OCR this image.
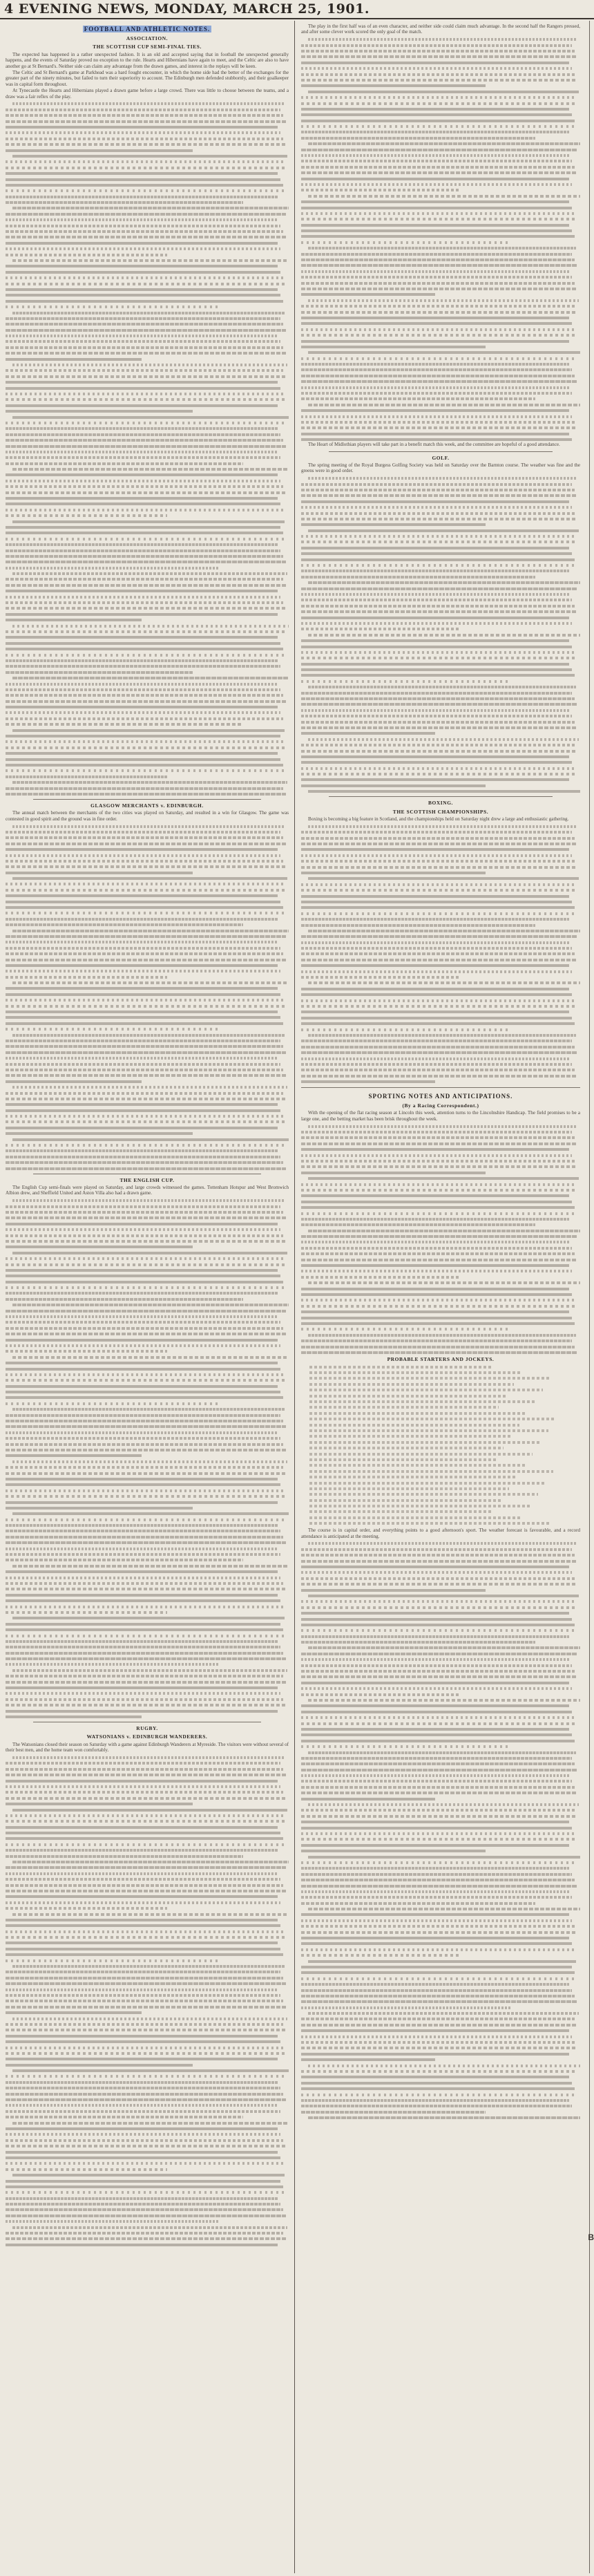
4 EVENING NEWS, MONDAY, MARCH 25, 1901.
FOOTBALL AND ATHLETIC NOTES.
ASSOCIATION.
THE SCOTTISH CUP SEMI-FINAL TIES.

The expected has happened in a rather unexpected fashion. It is an old and accepted saying that in football the unexpected generally happens, and the events of Saturday proved no exception to the rule. Hearts and Hibernians have again to meet, and the Celtic are also to have another go at St Bernard's. Neither side can claim any advantage from the drawn games, and interest in the replays will be keen.

The Celtic and St Bernard's game at Parkhead was a hard fought encounter, in which the home side had the better of the exchanges for the greater part of the ninety minutes, but failed to turn their superiority to account. The Edinburgh men defended stubbornly, and their goalkeeper was in capital form throughout.

At Tynecastle the Hearts and Hibernians played a drawn game before a large crowd. There was little to choose between the teams, and a draw was a fair reflex of the play.

GLASGOW MERCHANTS v. EDINBURGH.

The annual match between the merchants of the two cities was played on Saturday, and resulted in a win for Glasgow. The game was contested in good spirit and the ground was in fine order.

THE ENGLISH CUP.

The English Cup semi-finals were played on Saturday, and large crowds witnessed the games. Tottenham Hotspur and West Bromwich Albion drew, and Sheffield United and Aston Villa also had a drawn game.

RUGBY.
WATSONIANS v. EDINBURGH WANDERERS.

The Watsonians closed their season on Saturday with a game against Edinburgh Wanderers at Myreside. The visitors were without several of their best men, and the home team won comfortably.

The play in the first half was of an even character, and neither side could claim much advantage. In the second half the Rangers pressed, and after some clever work scored the only goal of the match.

The Heart of Midlothian players will take part in a benefit match this week, and the committee are hopeful of a good attendance.

GOLF.

The spring meeting of the Royal Burgess Golfing Society was held on Saturday over the Barnton course. The weather was fine and the greens were in good order.

BOXING.
THE SCOTTISH CHAMPIONSHIPS.

Boxing is becoming a big feature in Scotland, and the championships held on Saturday night drew a large and enthusiastic gathering.

SPORTING NOTES AND ANTICIPATIONS.
(By a Racing Correspondent.)

With the opening of the flat racing season at Lincoln this week, attention turns to the Lincolnshire Handicap. The field promises to be a large one, and the betting market has been brisk throughout the week.

PROBABLE STARTERS AND JOCKEYS.

The course is in capital order, and everything points to a good afternoon's sport. The weather forecast is favourable, and a record attendance is anticipated at the meeting.

B
